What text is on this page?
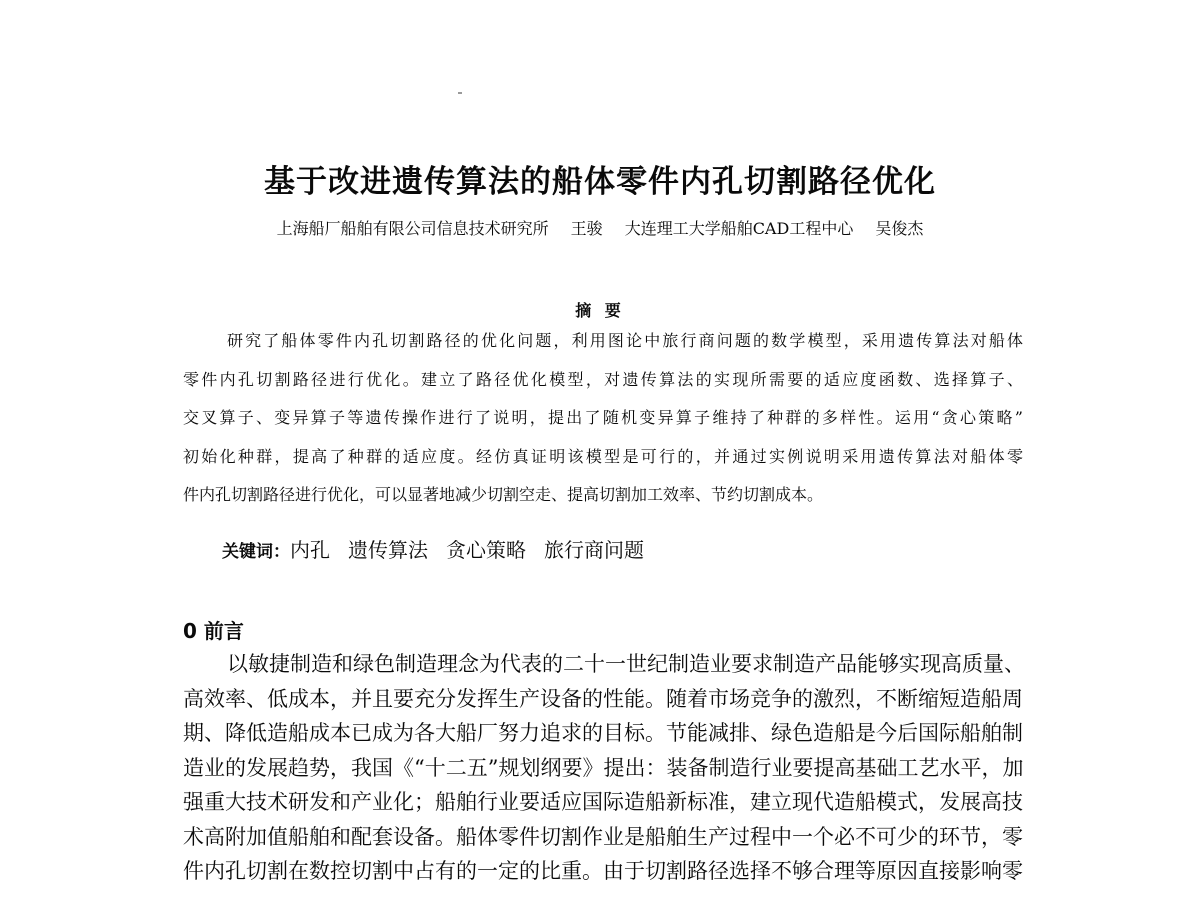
基于改进遗传算法的船体零件内孔切割路径优化
上海船厂船舶有限公司信息技术研究所 王骏 大连理工大学船舶CAD工程中心 吴俊杰
摘 要
研究了船体零件内孔切割路径的优化问题，利用图论中旅行商问题的数学模型，采用遗传算法对船体
零件内孔切割路径进行优化。建立了路径优化模型，对遗传算法的实现所需要的适应度函数、选择算子、
交叉算子、变异算子等遗传操作进行了说明，提出了随机变异算子维持了种群的多样性。运用“贪心策略”
初始化种群，提高了种群的适应度。经仿真证明该模型是可行的，并通过实例说明采用遗传算法对船体零
件内孔切割路径进行优化，可以显著地减少切割空走、提高切割加工效率、节约切割成本。
关键词：内孔 遗传算法 贪心策略 旅行商问题
0 前言
以敏捷制造和绿色制造理念为代表的二十一世纪制造业要求制造产品能够实现高质量、
高效率、低成本，并且要充分发挥生产设备的性能。随着市场竞争的激烈，不断缩短造船周
期、降低造船成本已成为各大船厂努力追求的目标。节能减排、绿色造船是今后国际船舶制
造业的发展趋势，我国《“十二五”规划纲要》提出：装备制造行业要提高基础工艺水平，加
强重大技术研发和产业化；船舶行业要适应国际造船新标准，建立现代造船模式，发展高技
术高附加值船舶和配套设备。船体零件切割作业是船舶生产过程中一个必不可少的环节，零
件内孔切割在数控切割中占有的一定的比重。由于切割路径选择不够合理等原因直接影响零
